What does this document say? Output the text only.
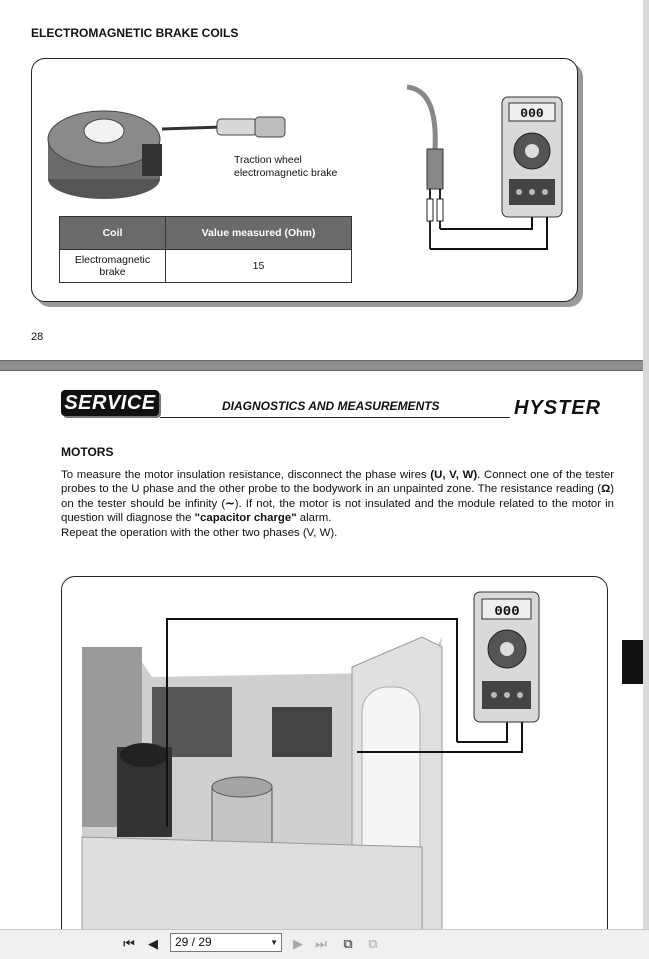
ELECTROMAGNETIC BRAKE COILS
Traction wheel
electromagnetic brake
Coil	Value measured (Ohm)

Electromagnetic
brake	15
000
28
SERVICE	DIAGNOSTICS AND MEASUREMENTS	HYSTER
MOTORS
To measure the motor insulation resistance, disconnect the phase wires (U, V, W). Connect one of the tester probes to the U phase and the other probe to the bodywork in an unpainted zone. The resistance reading (Ω) on the tester should be infinity (∼). If not, the motor is not insulated and the module related to the motor in question will diagnose the "capacitor charge" alarm.
Repeat the operation with the other two phases (V, W).
000
⏮ ◀	29 / 29	▼ ▶ ⏭ ⧉ ⧉
